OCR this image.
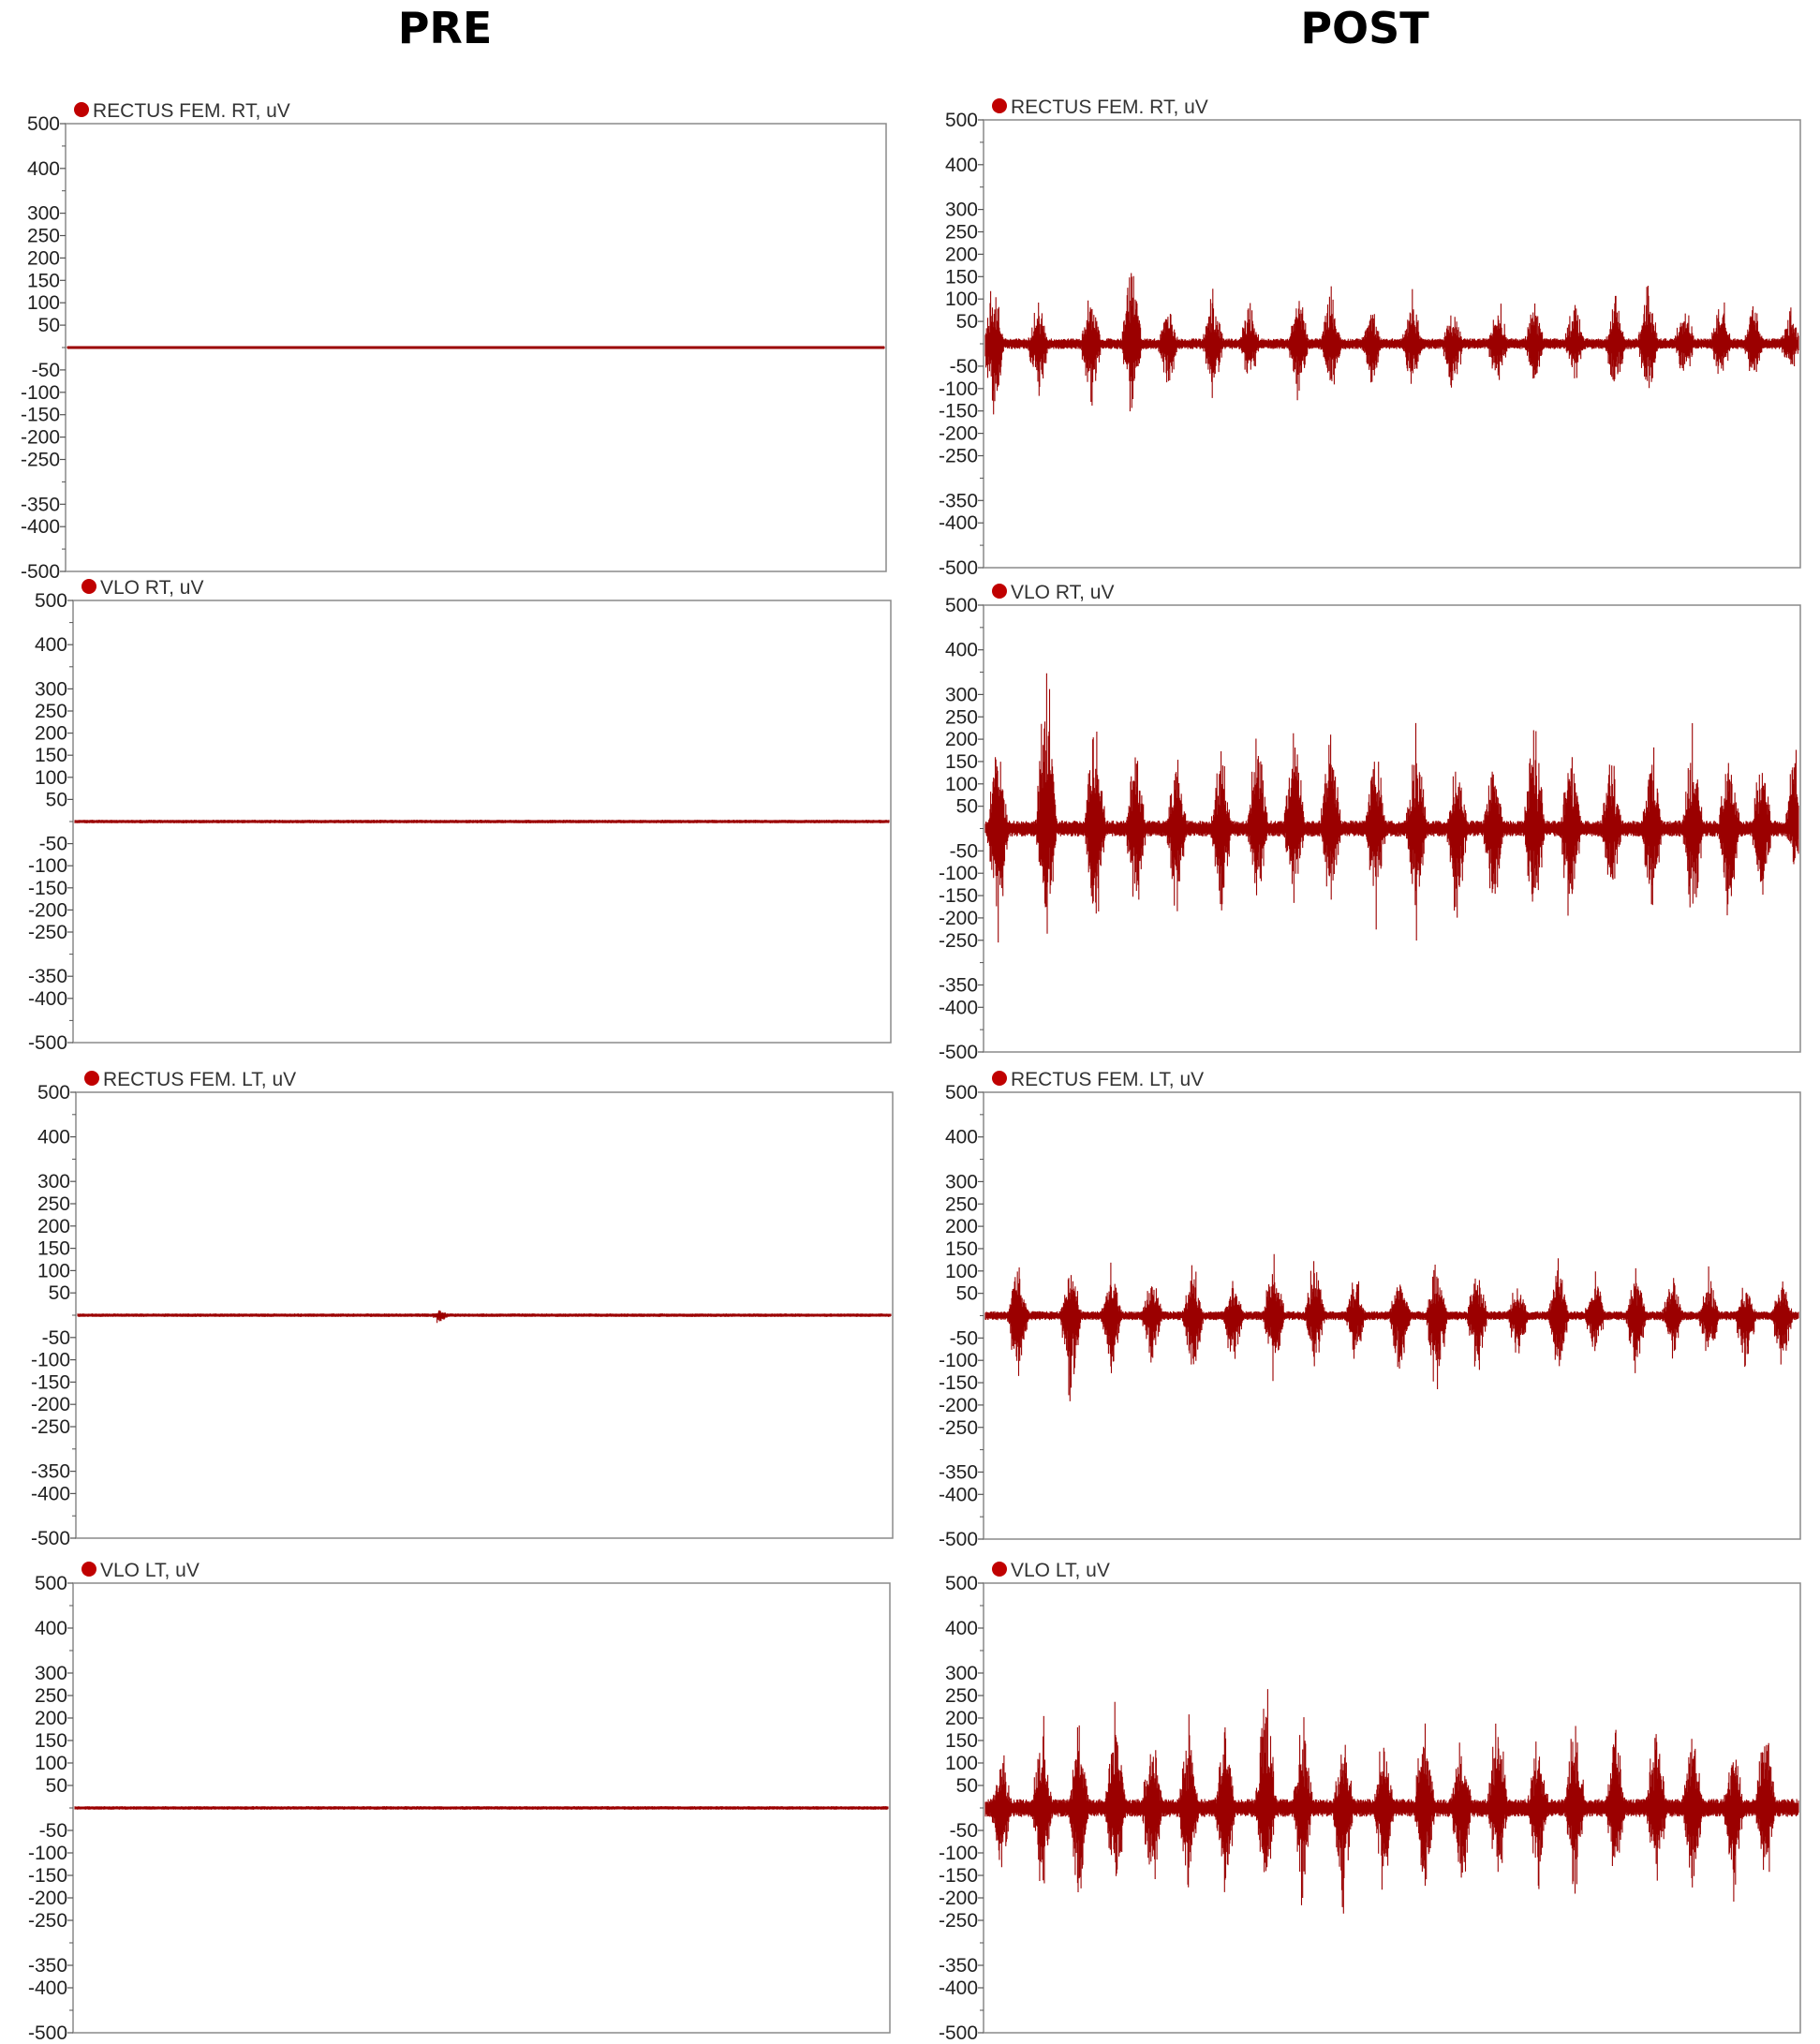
PRE	POST
RECTUS FEM. RT, uV
500
400
300
250
200
150
100
50
-50
-100
-150
-200
-250
-350
-400
-500
RECTUS FEM. RT, uV
500
400
300
250
200
150
100
50
-50
-100
-150
-200
-250
-350
-400
-500
VLO RT, uV
500
400
300
250
200
150
100
50
-50
-100
-150
-200
-250
-350
-400
-500
VLO RT, uV
500
400
300
250
200
150
100
50
-50
-100
-150
-200
-250
-350
-400
-500
RECTUS FEM. LT, uV
500
400
300
250
200
150
100
50
-50
-100
-150
-200
-250
-350
-400
-500
RECTUS FEM. LT, uV
500
400
300
250
200
150
100
50
-50
-100
-150
-200
-250
-350
-400
-500
VLO LT, uV
500
400
300
250
200
150
100
50
-50
-100
-150
-200
-250
-350
-400
-500
VLO LT, uV
500
400
300
250
200
150
100
50
-50
-100
-150
-200
-250
-350
-400
-500
